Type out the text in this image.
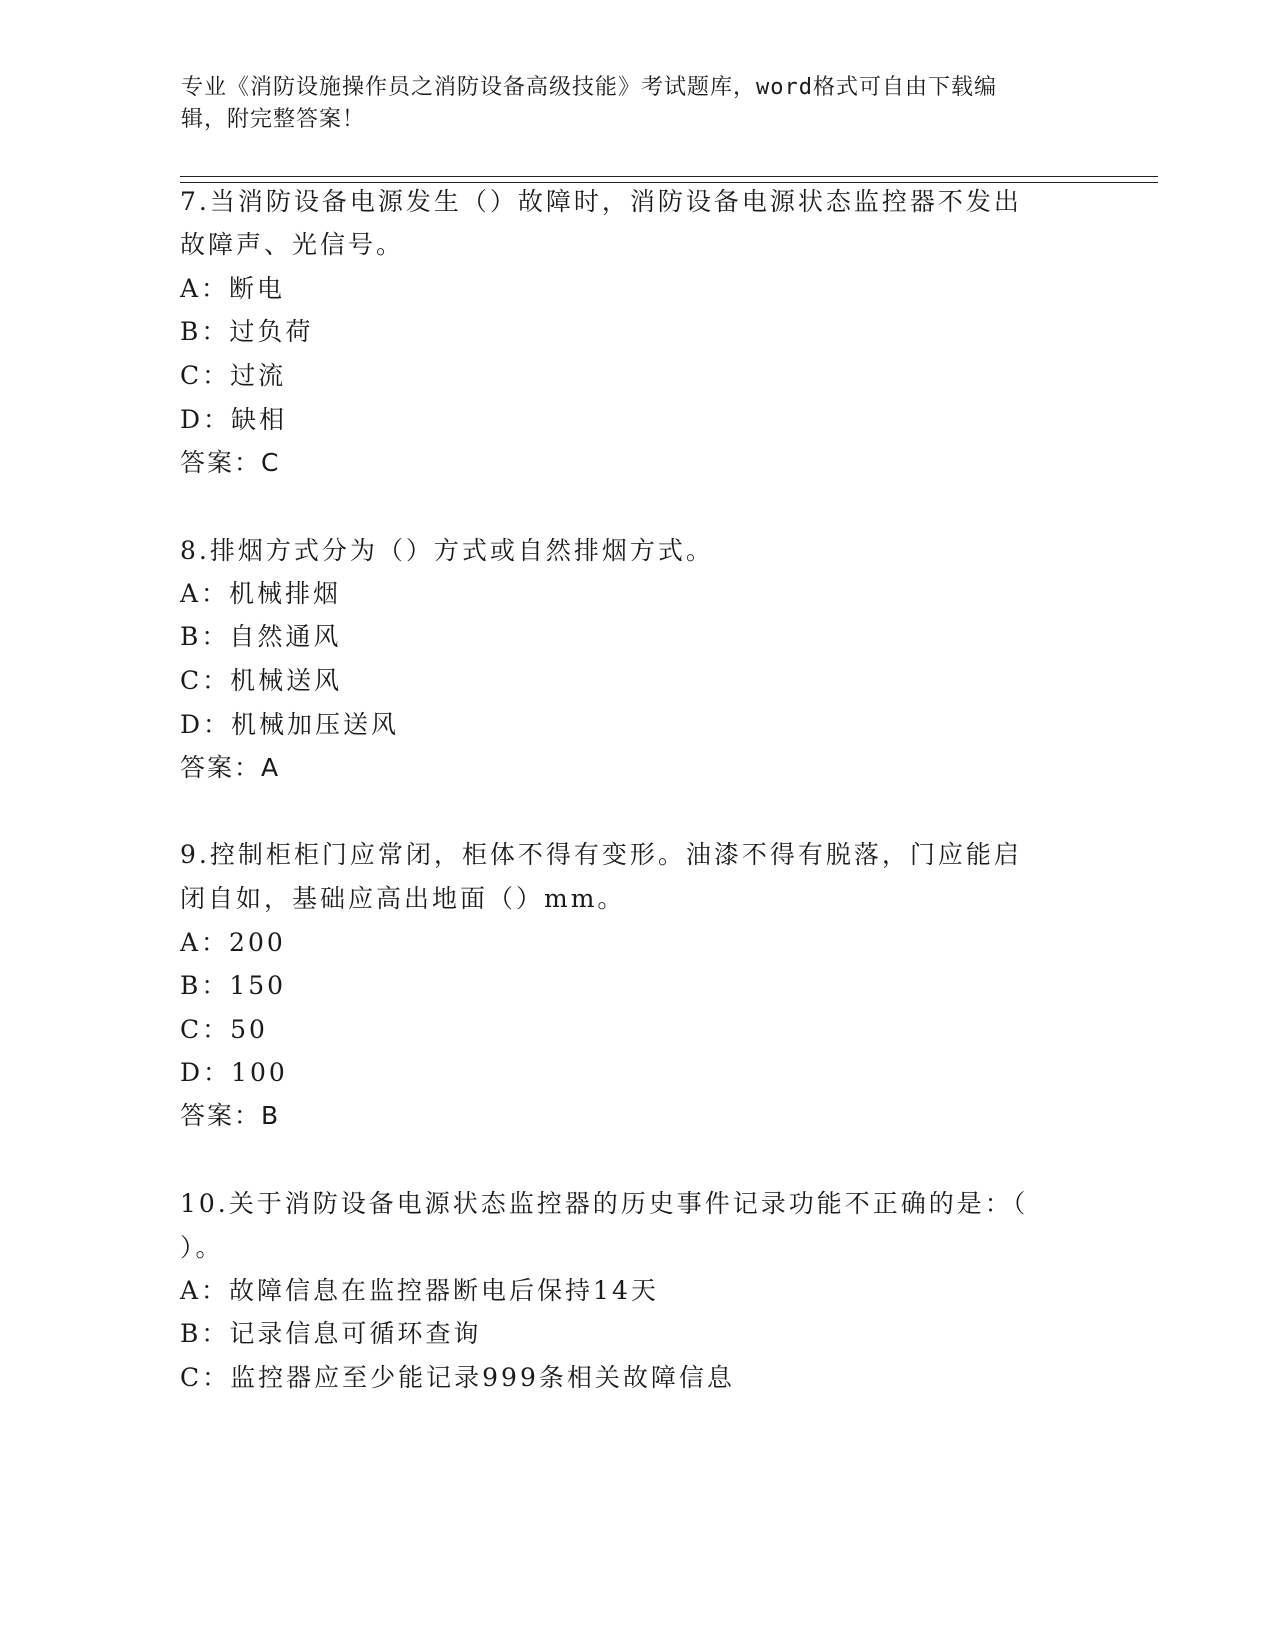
专业《消防设施操作员之消防设备高级技能》考试题库，word格式可自由下载编
辑，附完整答案！
7.当消防设备电源发生（）故障时，消防设备电源状态监控器不发出
故障声、光信号。
A：断电
B：过负荷
C：过流
D：缺相
答案：C
8.排烟方式分为（）方式或自然排烟方式。
A：机械排烟
B：自然通风
C：机械送风
D：机械加压送风
答案：A
9.控制柜柜门应常闭，柜体不得有变形。油漆不得有脱落，门应能启
闭自如，基础应高出地面（）mm。
A：200
B：150
C：50
D：100
答案：B
10.关于消防设备电源状态监控器的历史事件记录功能不正确的是：（
）。
A：故障信息在监控器断电后保持14天
B：记录信息可循环查询
C：监控器应至少能记录999条相关故障信息
